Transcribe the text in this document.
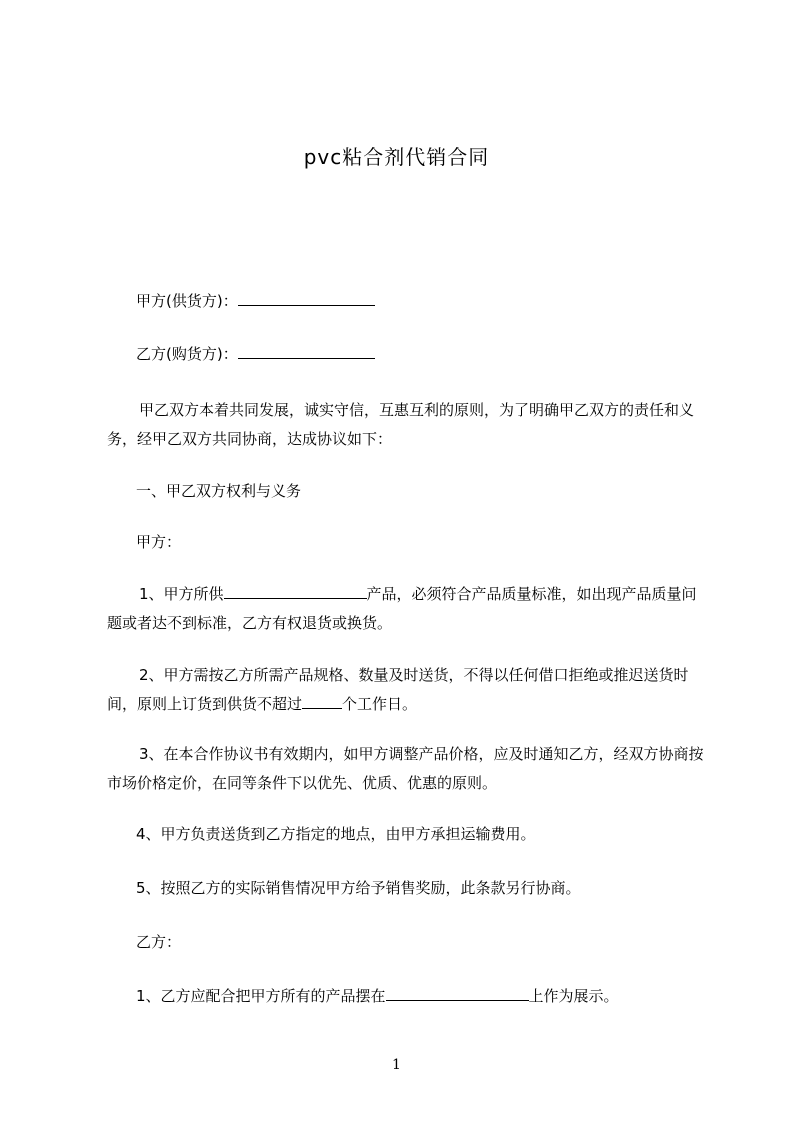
pvc粘合剂代销合同
甲方(供货方)：
乙方(购货方)：
甲乙双方本着共同发展，诚实守信，互惠互利的原则，为了明确甲乙双方的责任和义务，经甲乙双方共同协商，达成协议如下：
一、甲乙双方权利与义务
甲方：
1、甲方所供	产品，必须符合产品质量标准，如出现产品质量问题或者达不到标准，乙方有权退货或换货。
2、甲方需按乙方所需产品规格、数量及时送货，不得以任何借口拒绝或推迟送货时间，原则上订货到供货不超过	个工作日。
3、在本合作协议书有效期内，如甲方调整产品价格，应及时通知乙方，经双方协商按市场价格定价，在同等条件下以优先、优质、优惠的原则。
4、甲方负责送货到乙方指定的地点，由甲方承担运输费用。
5、按照乙方的实际销售情况甲方给予销售奖励，此条款另行协商。
乙方：
1、乙方应配合把甲方所有的产品摆在	上作为展示。
1
